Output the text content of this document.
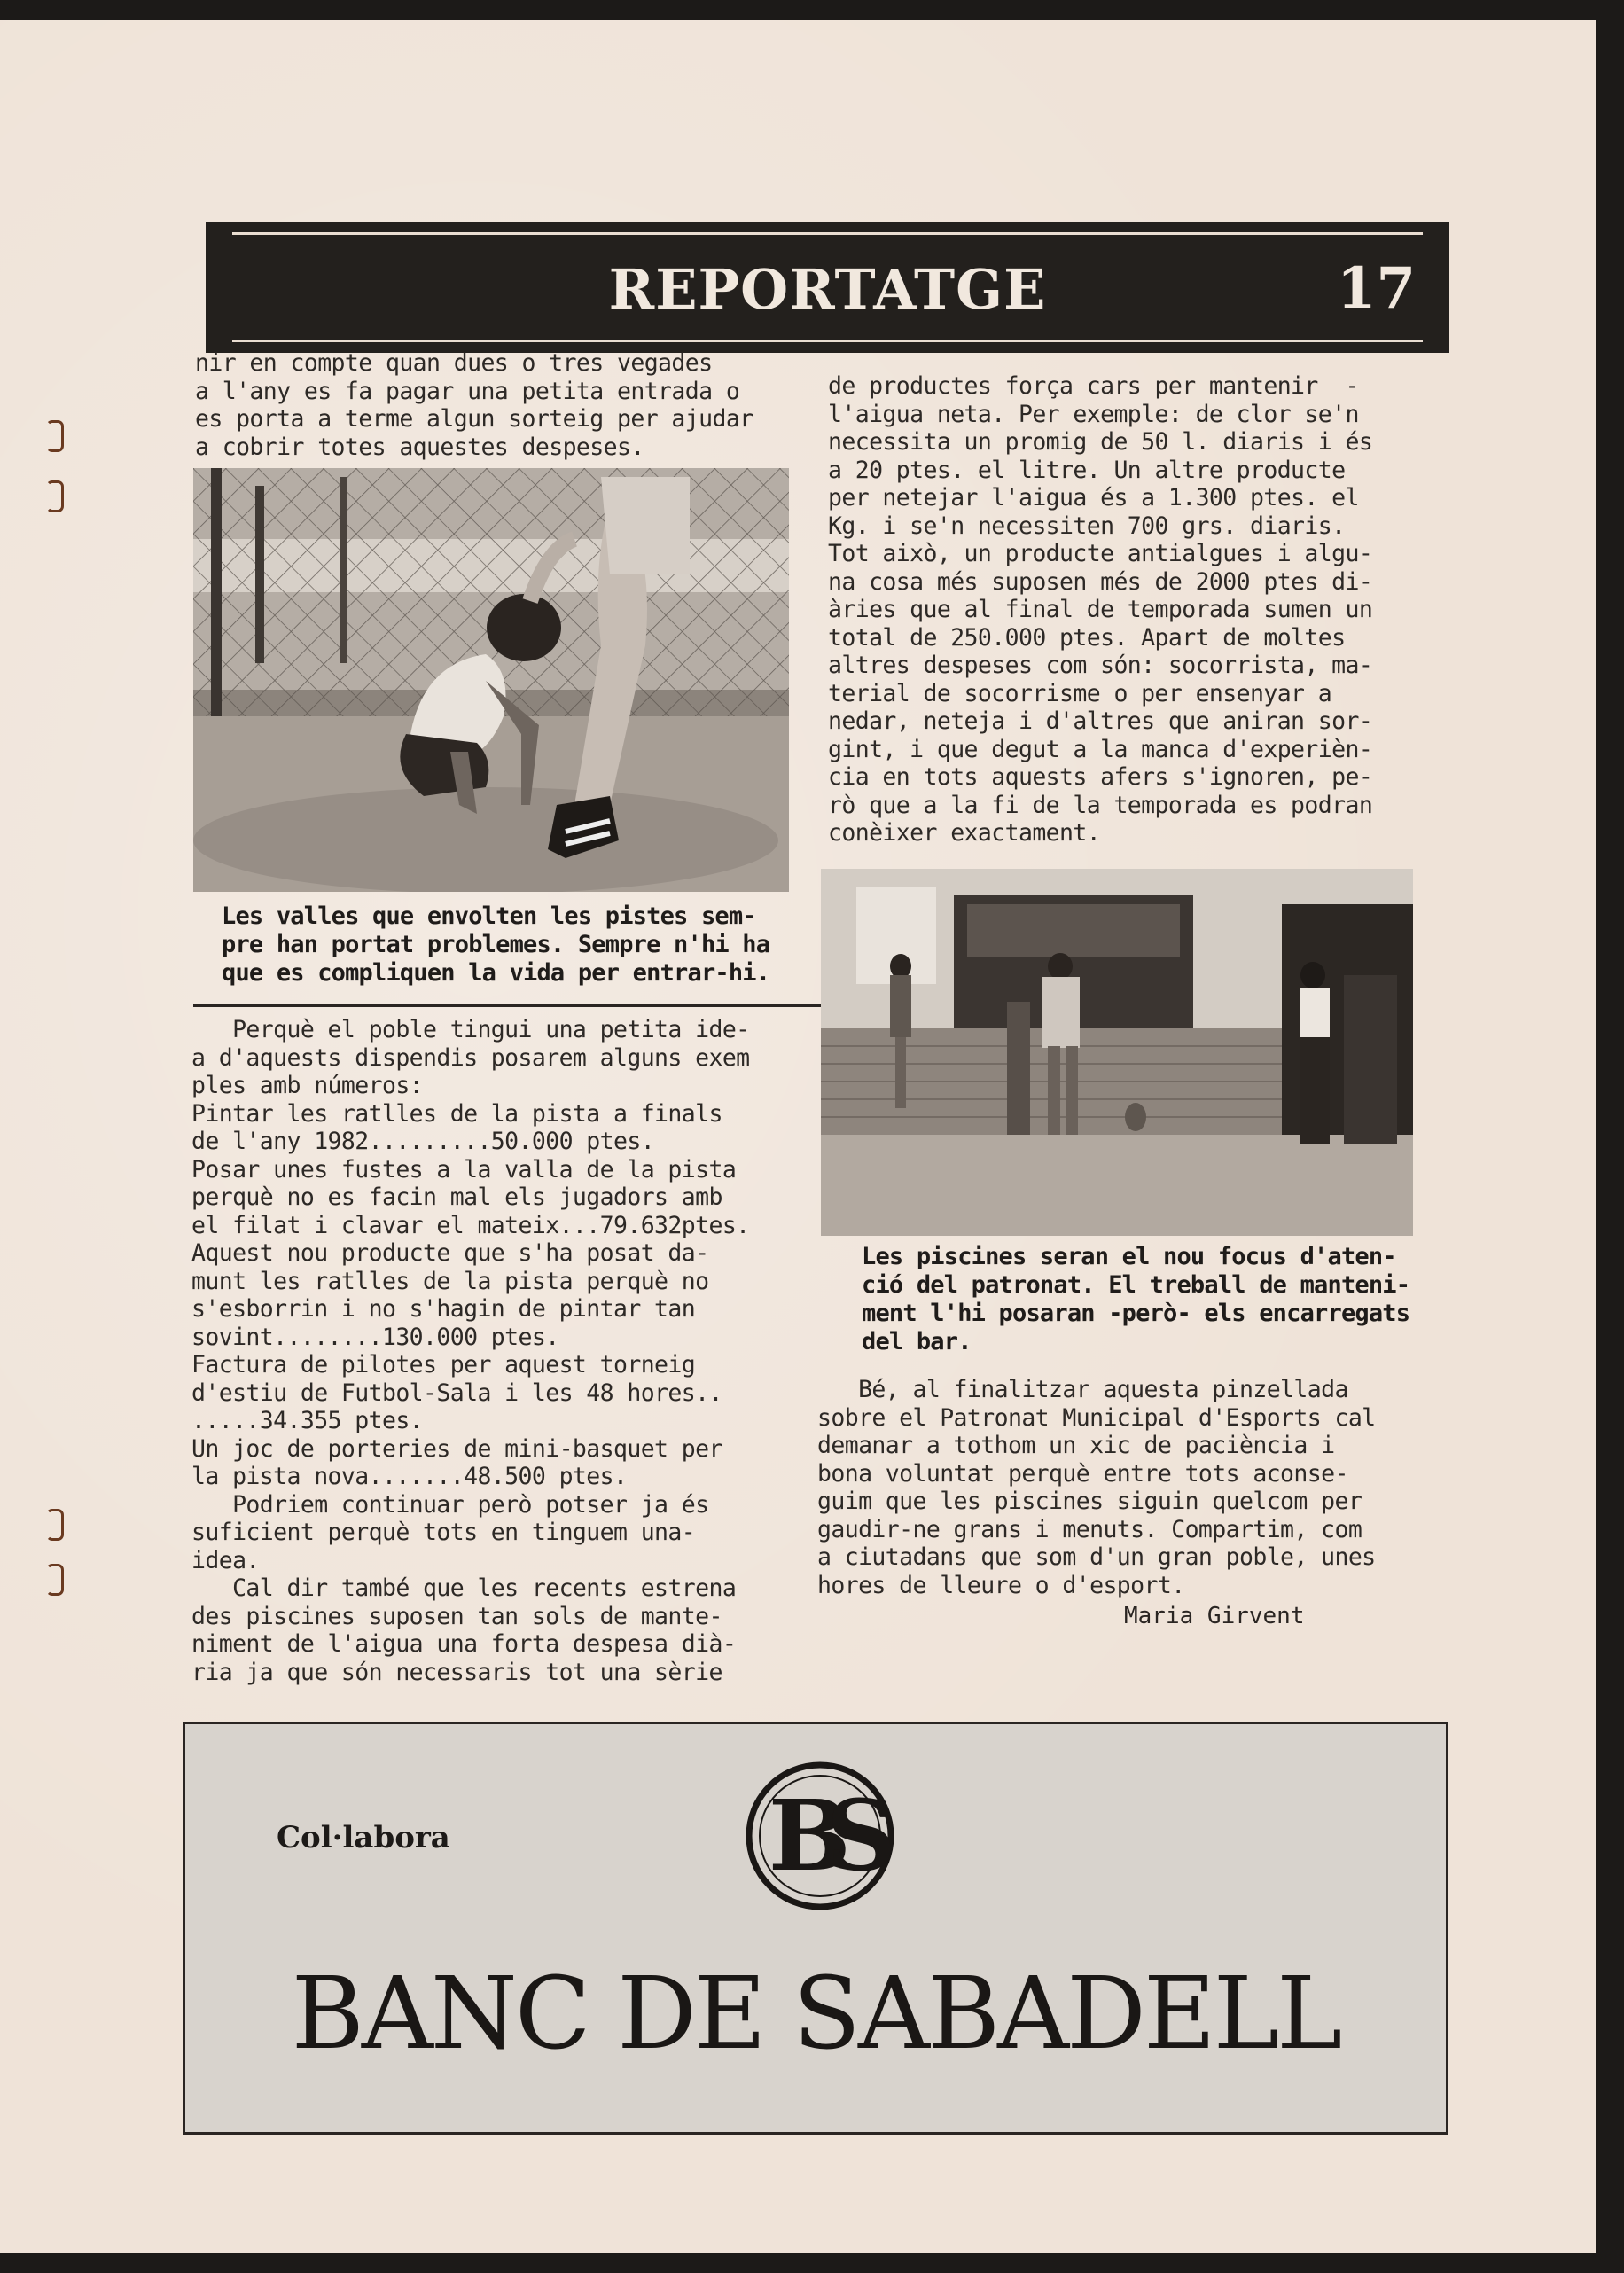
REPORTATGE	17
nir en compte quan dues o tres vegades
a l'any es fa pagar una petita entrada o
es porta a terme algun sorteig per ajudar
a cobrir totes aquestes despeses.
Les valles que envolten les pistes sem-
pre han portat problemes. Sempre n'hi ha
que es compliquen la vida per entrar-hi.
Perquè el poble tingui una petita ide-
a d'aquests dispendis posarem alguns exem
ples amb números:
Pintar les ratlles de la pista a finals
de l'any 1982.........50.000 ptes.
Posar unes fustes a la valla de la pista
perquè no es facin mal els jugadors amb
el filat i clavar el mateix...79.632ptes.
Aquest nou producte que s'ha posat da-
munt les ratlles de la pista perquè no
s'esborrin i no s'hagin de pintar tan
sovint........130.000 ptes.
Factura de pilotes per aquest torneig
d'estiu de Futbol-Sala i les 48 hores..
.....34.355 ptes.
Un joc de porteries de mini-basquet per
la pista nova.......48.500 ptes.
Podriem continuar però potser ja és
suficient perquè tots en tinguem una-
idea.
Cal dir també que les recents estrena
des piscines suposen tan sols de mante-
niment de l'aigua una forta despesa dià-
ria ja que són necessaris tot una sèrie
de productes força cars per mantenir  -
l'aigua neta. Per exemple: de clor se'n
necessita un promig de 50 l. diaris i és
a 20 ptes. el litre. Un altre producte
per netejar l'aigua és a 1.300 ptes. el
Kg. i se'n necessiten 700 grs. diaris.
Tot això, un producte antialgues i algu-
na cosa més suposen més de 2000 ptes di-
àries que al final de temporada sumen un
total de 250.000 ptes. Apart de moltes
altres despeses com són: socorrista, ma-
terial de socorrisme o per ensenyar a
nedar, neteja i d'altres que aniran sor-
gint, i que degut a la manca d'experièn-
cia en tots aquests afers s'ignoren, pe-
rò que a la fi de la temporada es podran
conèixer exactament.
Les piscines seran el nou focus d'aten-
ció del patronat. El treball de manteni-
ment l'hi posaran -però- els encarregats
del bar.
Bé, al finalitzar aquesta pinzellada
sobre el Patronat Municipal d'Esports cal
demanar a tothom un xic de paciència i
bona voluntat perquè entre tots aconse-
guim que les piscines siguin quelcom per
gaudir-ne grans i menuts. Compartim, com
a ciutadans que som d'un gran poble, unes
hores de lleure o d'esport.
Maria Girvent
Col·labora	BS
BANC DE SABADELL
